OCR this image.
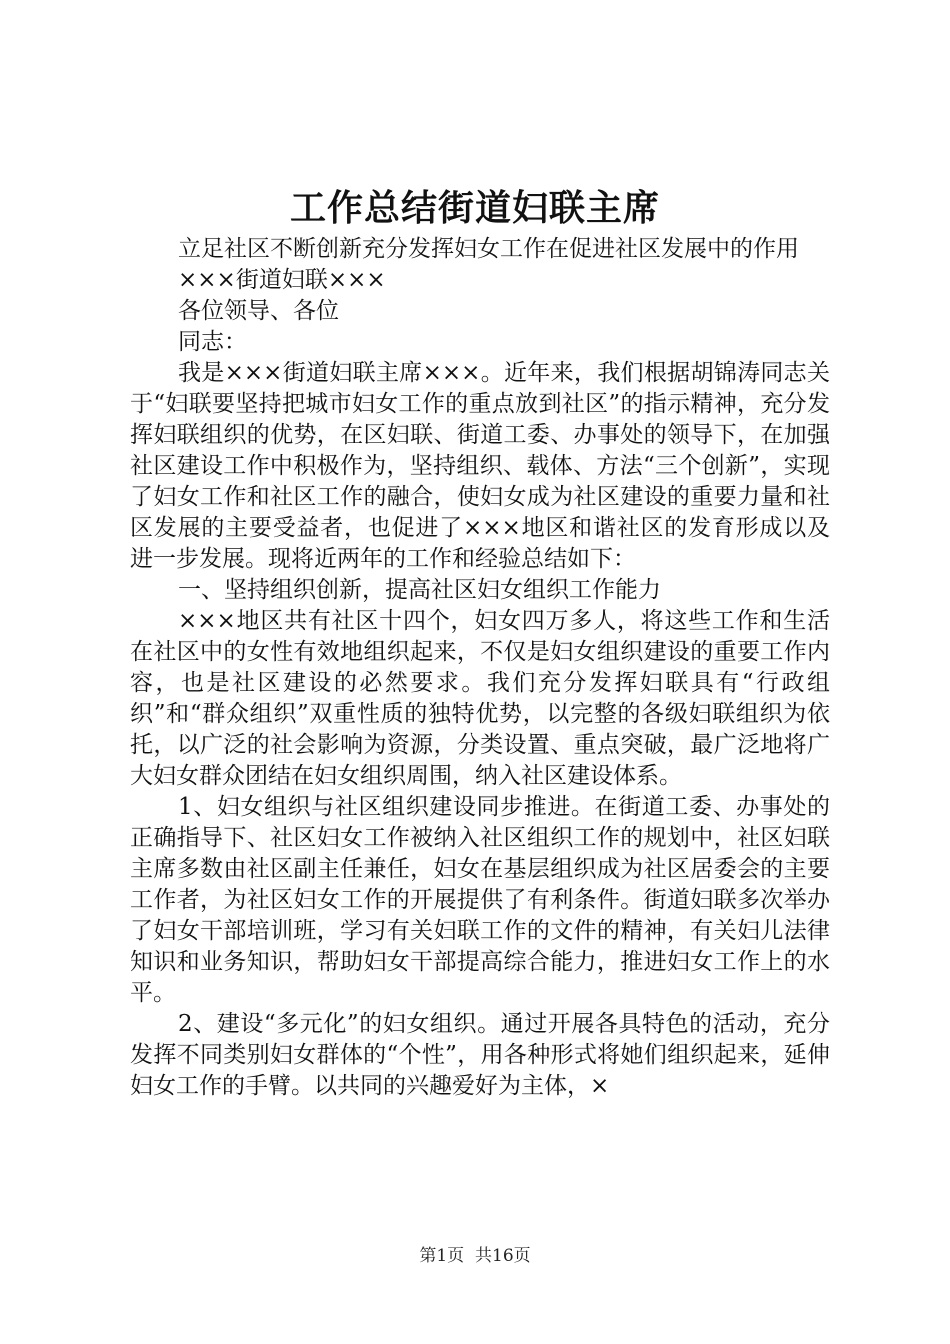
工作总结街道妇联主席

立足社区不断创新充分发挥妇女工作在促进社区发展中的作用

×××街道妇联×××

各位领导、各位

同志：

我是×××街道妇联主席×××。近年来，我们根据胡锦涛同志关于“妇联要坚持把城市妇女工作的重点放到社区”的指示精神，充分发挥妇联组织的优势，在区妇联、街道工委、办事处的领导下，在加强社区建设工作中积极作为，坚持组织、载体、方法“三个创新”，实现了妇女工作和社区工作的融合，使妇女成为社区建设的重要力量和社区发展的主要受益者，也促进了×××地区和谐社区的发育形成以及进一步发展。现将近两年的工作和经验总结如下：

一、坚持组织创新，提高社区妇女组织工作能力

×××地区共有社区十四个，妇女四万多人，将这些工作和生活在社区中的女性有效地组织起来，不仅是妇女组织建设的重要工作内容，也是社区建设的必然要求。我们充分发挥妇联具有“行政组织”和“群众组织”双重性质的独特优势，以完整的各级妇联组织为依托，以广泛的社会影响为资源，分类设置、重点突破，最广泛地将广大妇女群众团结在妇女组织周围，纳入社区建设体系。

1、妇女组织与社区组织建设同步推进。在街道工委、办事处的正确指导下、社区妇女工作被纳入社区组织工作的规划中，社区妇联主席多数由社区副主任兼任，妇女在基层组织成为社区居委会的主要工作者，为社区妇女工作的开展提供了有利条件。街道妇联多次举办了妇女干部培训班，学习有关妇联工作的文件的精神，有关妇儿法律知识和业务知识，帮助妇女干部提高综合能力，推进妇女工作上的水平。

2、建设“多元化”的妇女组织。通过开展各具特色的活动，充分发挥不同类别妇女群体的“个性”，用各种形式将她们组织起来，延伸妇女工作的手臂。以共同的兴趣爱好为主体，×

第1页 共16页
